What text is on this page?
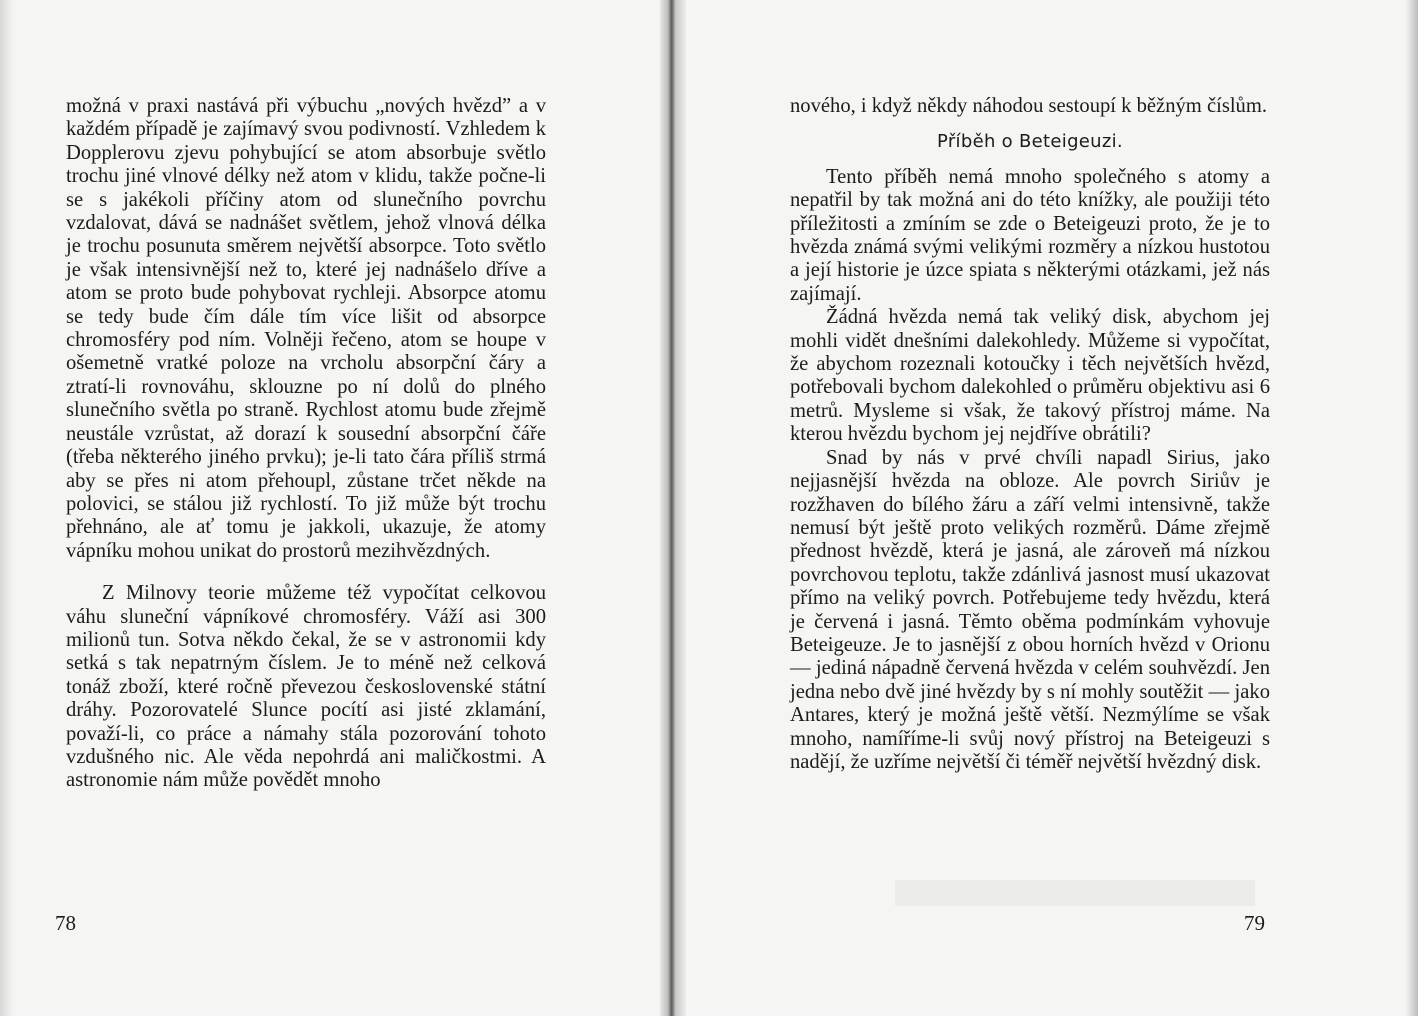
možná v praxi nastává při výbuchu „nových hvězd” a v každém případě je zajímavý svou podivností. Vzhledem k Dopplerovu zjevu pohybující se atom absorbuje světlo trochu jiné vlnové délky než atom v klidu, takže počne-li se s jakékoli příčiny atom od slunečního povrchu vzdalovat, dává se nadnášet světlem, jehož vlnová délka je trochu posunuta směrem největší absorpce. Toto světlo je však intensivnější než to, které jej nadnášelo dříve a atom se proto bude pohybovat rychleji. Absorpce atomu se tedy bude čím dále tím více lišit od absorpce chromosféry pod ním. Volněji řečeno, atom se houpe v ošemetně vratké poloze na vrcholu absorpční čáry a ztratí-li rovnováhu, sklouzne po ní dolů do plného slunečního světla po straně. Rychlost atomu bude zřejmě neustále vzrůstat, až dorazí k sousední absorpční čáře (třeba některého jiného prvku); je-li tato čára příliš strmá aby se přes ni atom přehoupl, zůstane trčet někde na polovici, se stálou již rychlostí. To již může být trochu přehnáno, ale ať tomu je jakkoli, ukazuje, že atomy vápníku mohou unikat do prostorů mezihvězdných.

Z Milnovy teorie můžeme též vypočítat celkovou váhu sluneční vápníkové chromosféry. Váží asi 300 milionů tun. Sotva někdo čekal, že se v astronomii kdy setká s tak nepatrným číslem. Je to méně než celková tonáž zboží, které ročně převezou československé státní dráhy. Pozorovatelé Slunce pocítí asi jisté zklamání, považí-li, co práce a námahy stála pozorování tohoto vzdušného nic. Ale věda nepohrdá ani maličkostmi. A astronomie nám může povědět mnoho

78

nového, i když někdy náhodou sestoupí k běžným číslům.

Příběh o Beteigeuzi.

Tento příběh nemá mnoho společného s atomy a nepatřil by tak možná ani do této knížky, ale použiji této příležitosti a zmíním se zde o Beteigeuzi proto, že je to hvězda známá svými velikými rozměry a nízkou hustotou a její historie je úzce spiata s některými otázkami, jež nás zajímají.

Žádná hvězda nemá tak veliký disk, abychom jej mohli vidět dnešními dalekohledy. Můžeme si vypočítat, že abychom rozeznali kotoučky i těch největších hvězd, potřebovali bychom dalekohled o průměru objektivu asi 6 metrů. Mysleme si však, že takový přístroj máme. Na kterou hvězdu bychom jej nejdříve obrátili?

Snad by nás v prvé chvíli napadl Sirius, jako nejjasnější hvězda na obloze. Ale povrch Siriův je rozžhaven do bílého žáru a září velmi intensivně, takže nemusí být ještě proto velikých rozměrů. Dáme zřejmě přednost hvězdě, která je jasná, ale zároveň má nízkou povrchovou teplotu, takže zdánlivá jasnost musí ukazovat přímo na veliký povrch. Potřebujeme tedy hvězdu, která je červená i jasná. Těmto oběma podmínkám vyhovuje Beteigeuze. Je to jasnější z obou horních hvězd v Orionu — jediná nápadně červená hvězda v celém souhvězdí. Jen jedna nebo dvě jiné hvězdy by s ní mohly soutěžit — jako Antares, který je možná ještě větší. Nezmýlíme se však mnoho, namíříme-li svůj nový přístroj na Beteigeuzi s nadějí, že uzříme největší či téměř největší hvězdný disk.

79
